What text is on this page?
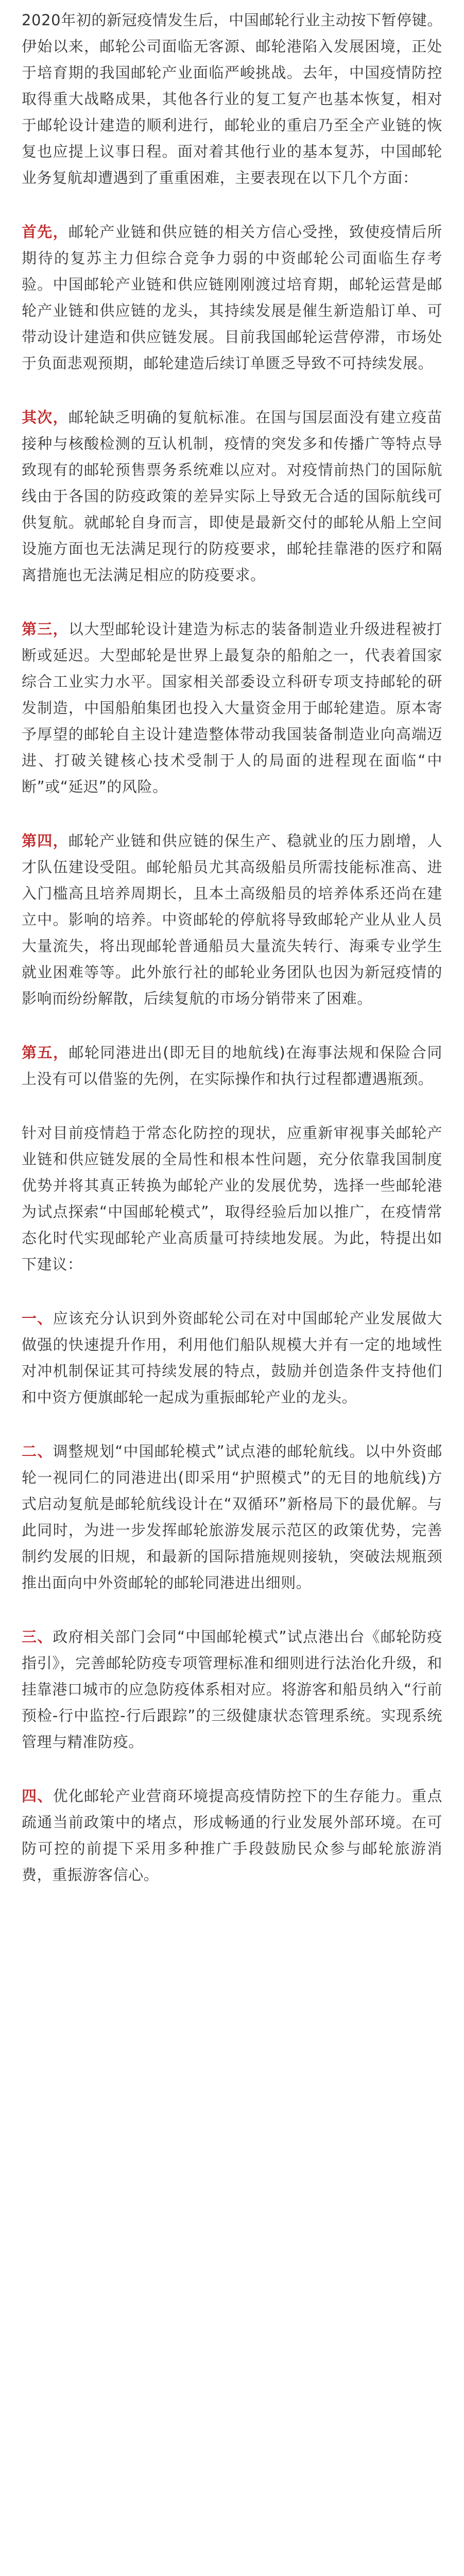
2020年初的新冠疫情发生后，中国邮轮行业主动按下暂停键。伊始以来，邮轮公司面临无客源、邮轮港陷入发展困境，正处于培育期的我国邮轮产业面临严峻挑战。去年，中国疫情防控取得重大战略成果，其他各行业的复工复产也基本恢复，相对于邮轮设计建造的顺利进行，邮轮业的重启乃至全产业链的恢复也应提上议事日程。面对着其他行业的基本复苏，中国邮轮业务复航却遭遇到了重重困难，主要表现在以下几个方面：

首先，邮轮产业链和供应链的相关方信心受挫，致使疫情后所期待的复苏主力但综合竞争力弱的中资邮轮公司面临生存考验。中国邮轮产业链和供应链刚刚渡过培育期，邮轮运营是邮轮产业链和供应链的龙头，其持续发展是催生新造船订单、可带动设计建造和供应链发展。目前我国邮轮运营停滞，市场处于负面悲观预期，邮轮建造后续订单匮乏导致不可持续发展。

其次，邮轮缺乏明确的复航标准。在国与国层面没有建立疫苗接种与核酸检测的互认机制，疫情的突发多和传播广等特点导致现有的邮轮预售票务系统难以应对。对疫情前热门的国际航线由于各国的防疫政策的差异实际上导致无合适的国际航线可供复航。就邮轮自身而言，即使是最新交付的邮轮从船上空间设施方面也无法满足现行的防疫要求，邮轮挂靠港的医疗和隔离措施也无法满足相应的防疫要求。

第三，以大型邮轮设计建造为标志的装备制造业升级进程被打断或延迟。大型邮轮是世界上最复杂的船舶之一，代表着国家综合工业实力水平。国家相关部委设立科研专项支持邮轮的研发制造，中国船舶集团也投入大量资金用于邮轮建造。原本寄予厚望的邮轮自主设计建造整体带动我国装备制造业向高端迈进、打破关键核心技术受制于人的局面的进程现在面临“中断”或“延迟”的风险。

第四，邮轮产业链和供应链的保生产、稳就业的压力剧增，人才队伍建设受阻。邮轮船员尤其高级船员所需技能标准高、进入门槛高且培养周期长，且本土高级船员的培养体系还尚在建立中。影响的培养。中资邮轮的停航将导致邮轮产业从业人员大量流失，将出现邮轮普通船员大量流失转行、海乘专业学生就业困难等等。此外旅行社的邮轮业务团队也因为新冠疫情的影响而纷纷解散，后续复航的市场分销带来了困难。

第五，邮轮同港进出(即无目的地航线)在海事法规和保险合同上没有可以借鉴的先例，在实际操作和执行过程都遭遇瓶颈。

针对目前疫情趋于常态化防控的现状，应重新审视事关邮轮产业链和供应链发展的全局性和根本性问题，充分依靠我国制度优势并将其真正转换为邮轮产业的发展优势，选择一些邮轮港为试点探索“中国邮轮模式”，取得经验后加以推广，在疫情常态化时代实现邮轮产业高质量可持续地发展。为此，特提出如下建议：

一、应该充分认识到外资邮轮公司在对中国邮轮产业发展做大做强的快速提升作用，利用他们船队规模大并有一定的地域性对冲机制保证其可持续发展的特点，鼓励并创造条件支持他们和中资方便旗邮轮一起成为重振邮轮产业的龙头。

二、调整规划“中国邮轮模式”试点港的邮轮航线。以中外资邮轮一视同仁的同港进出(即采用“护照模式”的无目的地航线)方式启动复航是邮轮航线设计在“双循环”新格局下的最优解。与此同时，为进一步发挥邮轮旅游发展示范区的政策优势，完善制约发展的旧规，和最新的国际措施规则接轨，突破法规瓶颈推出面向中外资邮轮的邮轮同港进出细则。

三、政府相关部门会同“中国邮轮模式”试点港出台《邮轮防疫指引》，完善邮轮防疫专项管理标准和细则进行法治化升级，和挂靠港口城市的应急防疫体系相对应。将游客和船员纳入“行前预检-行中监控-行后跟踪”的三级健康状态管理系统。实现系统管理与精准防疫。

四、优化邮轮产业营商环境提高疫情防控下的生存能力。重点疏通当前政策中的堵点，形成畅通的行业发展外部环境。在可防可控的前提下采用多种推广手段鼓励民众参与邮轮旅游消费，重振游客信心。
